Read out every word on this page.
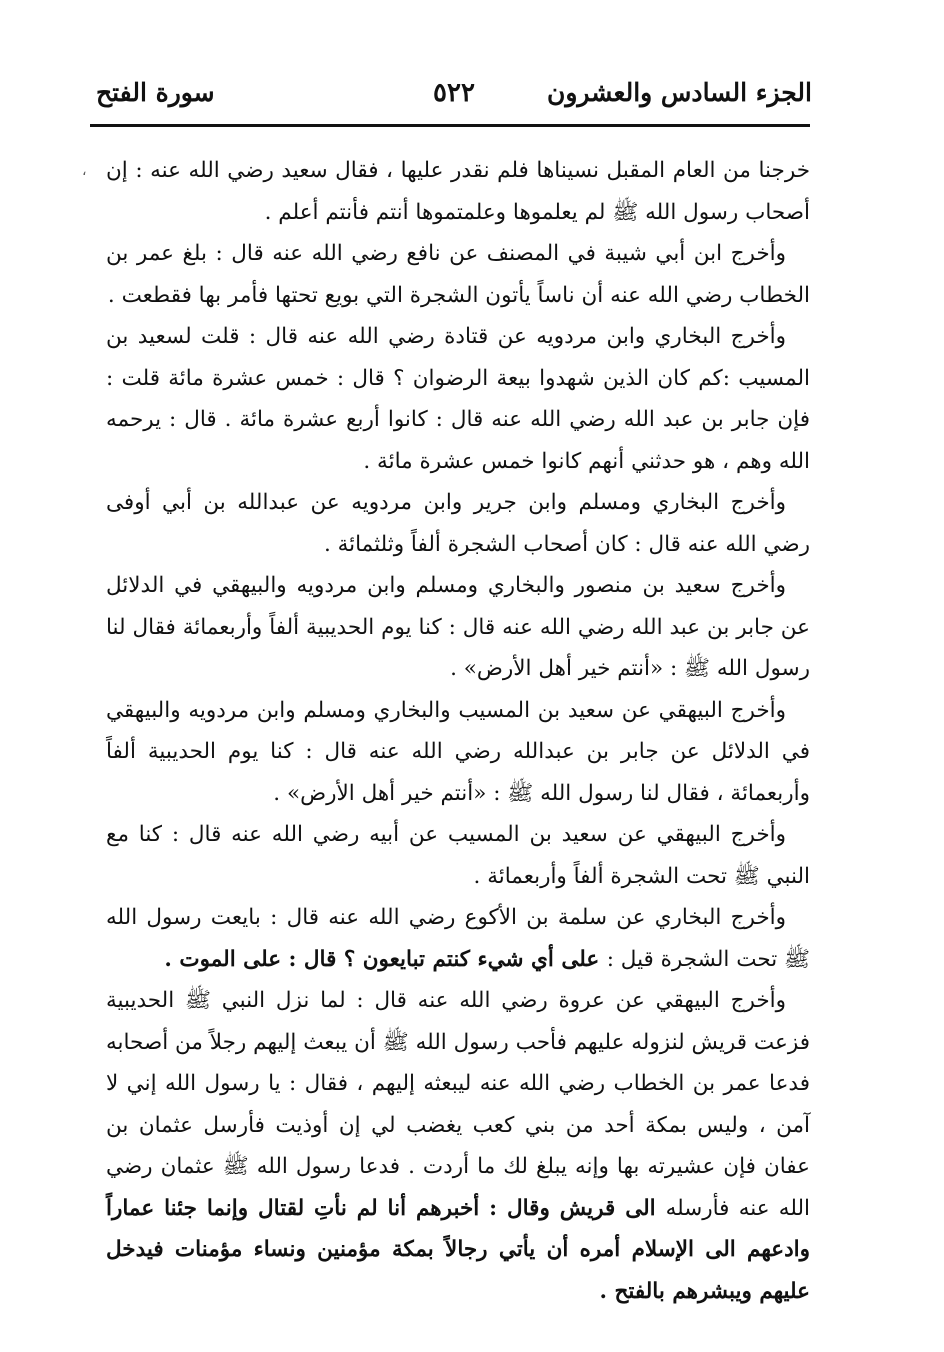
الجزء السادس والعشرون
٥٢٢
سورة الفتح
، خرجنا من العام المقبل نسيناها فلم نقدر عليها ، فقال سعيد رضي الله عنه : إن أصحاب رسول الله ﷺ لم يعلموها وعلمتموها أنتم فأنتم أعلم .

وأخرج ابن أبي شيبة في المصنف عن نافع رضي الله عنه قال : بلغ عمر بن الخطاب رضي الله عنه أن ناساً يأتون الشجرة التي بويع تحتها فأمر بها فقطعت .

وأخرج البخاري وابن مردويه عن قتادة رضي الله عنه قال : قلت لسعيد بن المسيب :كم كان الذين شهدوا بيعة الرضوان ؟ قال : خمس عشرة مائة قلت : فإن جابر بن عبد الله رضي الله عنه قال : كانوا أربع عشرة مائة . قال : يرحمه الله وهم ، هو حدثني أنهم كانوا خمس عشرة مائة .

وأخرج البخاري ومسلم وابن جرير وابن مردويه عن عبدالله بن أبي أوفى رضي الله عنه قال : كان أصحاب الشجرة ألفاً وثلثمائة .

وأخرج سعيد بن منصور والبخاري ومسلم وابن مردويه والبيهقي في الدلائل عن جابر بن عبد الله رضي الله عنه قال : كنا يوم الحديبية ألفاً وأربعمائة فقال لنا رسول الله ﷺ : «أنتم خير أهل الأرض» .

وأخرج البيهقي عن سعيد بن المسيب والبخاري ومسلم وابن مردويه والبيهقي في الدلائل عن جابر بن عبدالله رضي الله عنه قال : كنا يوم الحديبية ألفاً وأربعمائة ، فقال لنا رسول الله ﷺ : «أنتم خير أهل الأرض» .

وأخرج البيهقي عن سعيد بن المسيب عن أبيه رضي الله عنه قال : كنا مع النبي ﷺ تحت الشجرة ألفاً وأربعمائة .

وأخرج البخاري عن سلمة بن الأكوع رضي الله عنه قال : بايعت رسول الله ﷺ تحت الشجرة قيل : على أي شيء كنتم تبايعون ؟ قال : على الموت .

وأخرج البيهقي عن عروة رضي الله عنه قال : لما نزل النبي ﷺ الحديبية فزعت قريش لنزوله عليهم فأحب رسول الله ﷺ أن يبعث إليهم رجلاً من أصحابه فدعا عمر بن الخطاب رضي الله عنه ليبعثه إليهم ، فقال : يا رسول الله إني لا آمن ، وليس بمكة أحد من بني كعب يغضب لي إن أوذيت فأرسل عثمان بن عفان فإن عشيرته بها وإنه يبلغ لك ما أردت . فدعا رسول الله ﷺ عثمان رضي الله عنه فأرسله الى قريش وقال : أخبرهم أنا لم نأتِ لقتال وإنما جئنا عماراً وادعهم الى الإسلام أمره أن يأتي رجالاً بمكة مؤمنين ونساء مؤمنات فيدخل عليهم ويبشرهم بالفتح .
